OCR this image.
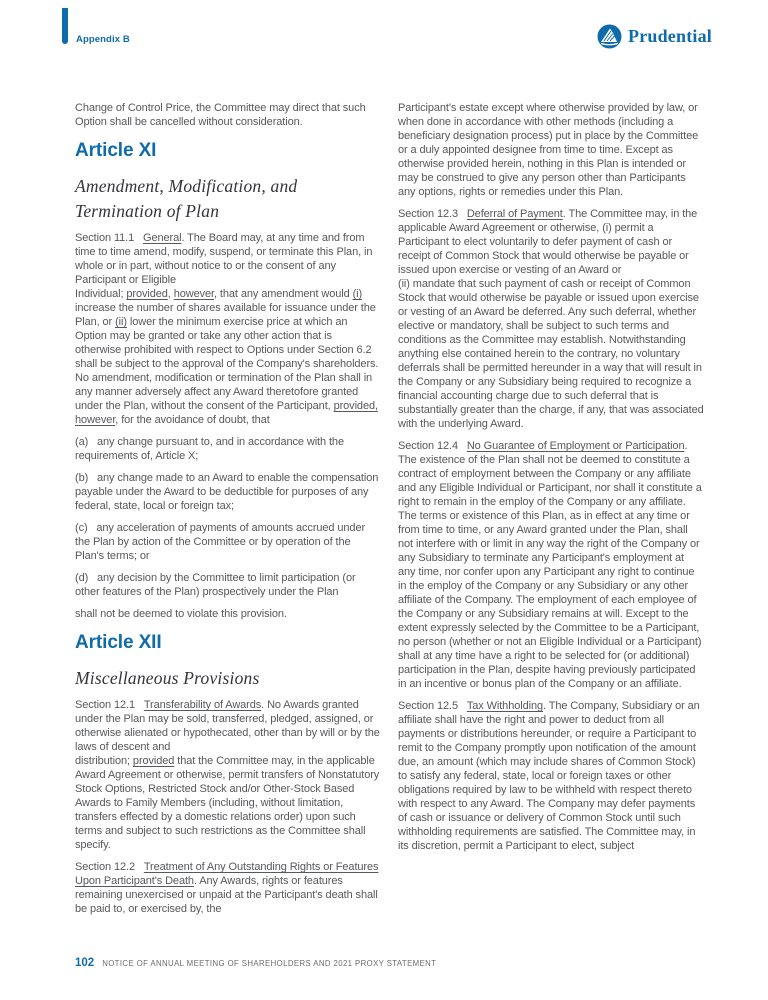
Appendix B	Prudential

Change of Control Price, the Committee may direct that such Option shall be cancelled without consideration.

Article XI
Amendment, Modification, and Termination of Plan

Section 11.1   General. The Board may, at any time and from time to time amend, modify, suspend, or terminate this Plan, in whole or in part, without notice to or the consent of any Participant or Eligible
Individual; provided, however, that any amendment would (i) increase the number of shares available for issuance under the Plan, or (ii) lower the minimum exercise price at which an Option may be granted or take any other action that is otherwise prohibited with respect to Options under Section 6.2 shall be subject to the approval of the Company's shareholders. No amendment, modification or termination of the Plan shall in any manner adversely affect any Award theretofore granted under the Plan, without the consent of the Participant, provided, however, for the avoidance of doubt, that

(a)   any change pursuant to, and in accordance with the requirements of, Article X;

(b)   any change made to an Award to enable the compensation payable under the Award to be deductible for purposes of any federal, state, local or foreign tax;

(c)   any acceleration of payments of amounts accrued under the Plan by action of the Committee or by operation of the Plan's terms; or

(d)   any decision by the Committee to limit participation (or other features of the Plan) prospectively under the Plan

shall not be deemed to violate this provision.

Article XII
Miscellaneous Provisions

Section 12.1   Transferability of Awards. No Awards granted under the Plan may be sold, transferred, pledged, assigned, or otherwise alienated or hypothecated, other than by will or by the laws of descent and
distribution; provided that the Committee may, in the applicable Award Agreement or otherwise, permit transfers of Nonstatutory Stock Options, Restricted Stock and/or Other-Stock Based Awards to Family Members (including, without limitation, transfers effected by a domestic relations order) upon such terms and subject to such restrictions as the Committee shall specify.

Section 12.2   Treatment of Any Outstanding Rights or Features Upon Participant's Death. Any Awards, rights or features remaining unexercised or unpaid at the Participant's death shall be paid to, or exercised by, the

Participant's estate except where otherwise provided by law, or when done in accordance with other methods (including a beneficiary designation process) put in place by the Committee or a duly appointed designee from time to time. Except as otherwise provided herein, nothing in this Plan is intended or may be construed to give any person other than Participants any options, rights or remedies under this Plan.

Section 12.3   Deferral of Payment. The Committee may, in the applicable Award Agreement or otherwise, (i) permit a Participant to elect voluntarily to defer payment of cash or receipt of Common Stock that would otherwise be payable or issued upon exercise or vesting of an Award or
(ii) mandate that such payment of cash or receipt of Common Stock that would otherwise be payable or issued upon exercise or vesting of an Award be deferred. Any such deferral, whether elective or mandatory, shall be subject to such terms and conditions as the Committee may establish. Notwithstanding anything else contained herein to the contrary, no voluntary deferrals shall be permitted hereunder in a way that will result in the Company or any Subsidiary being required to recognize a financial accounting charge due to such deferral that is substantially greater than the charge, if any, that was associated with the underlying Award.

Section 12.4   No Guarantee of Employment or Participation. The existence of the Plan shall not be deemed to constitute a contract of employment between the Company or any affiliate and any Eligible Individual or Participant, nor shall it constitute a right to remain in the employ of the Company or any affiliate. The terms or existence of this Plan, as in effect at any time or from time to time, or any Award granted under the Plan, shall not interfere with or limit in any way the right of the Company or any Subsidiary to terminate any Participant's employment at any time, nor confer upon any Participant any right to continue in the employ of the Company or any Subsidiary or any other affiliate of the Company. The employment of each employee of the Company or any Subsidiary remains at will. Except to the extent expressly selected by the Committee to be a Participant, no person (whether or not an Eligible Individual or a Participant) shall at any time have a right to be selected for (or additional) participation in the Plan, despite having previously participated in an incentive or bonus plan of the Company or an affiliate.

Section 12.5   Tax Withholding. The Company, Subsidiary or an affiliate shall have the right and power to deduct from all payments or distributions hereunder, or require a Participant to remit to the Company promptly upon notification of the amount due, an amount (which may include shares of Common Stock) to satisfy any federal, state, local or foreign taxes or other obligations required by law to be withheld with respect thereto with respect to any Award. The Company may defer payments of cash or issuance or delivery of Common Stock until such withholding requirements are satisfied. The Committee may, in its discretion, permit a Participant to elect, subject

102 NOTICE OF ANNUAL MEETING OF SHAREHOLDERS AND 2021 PROXY STATEMENT
